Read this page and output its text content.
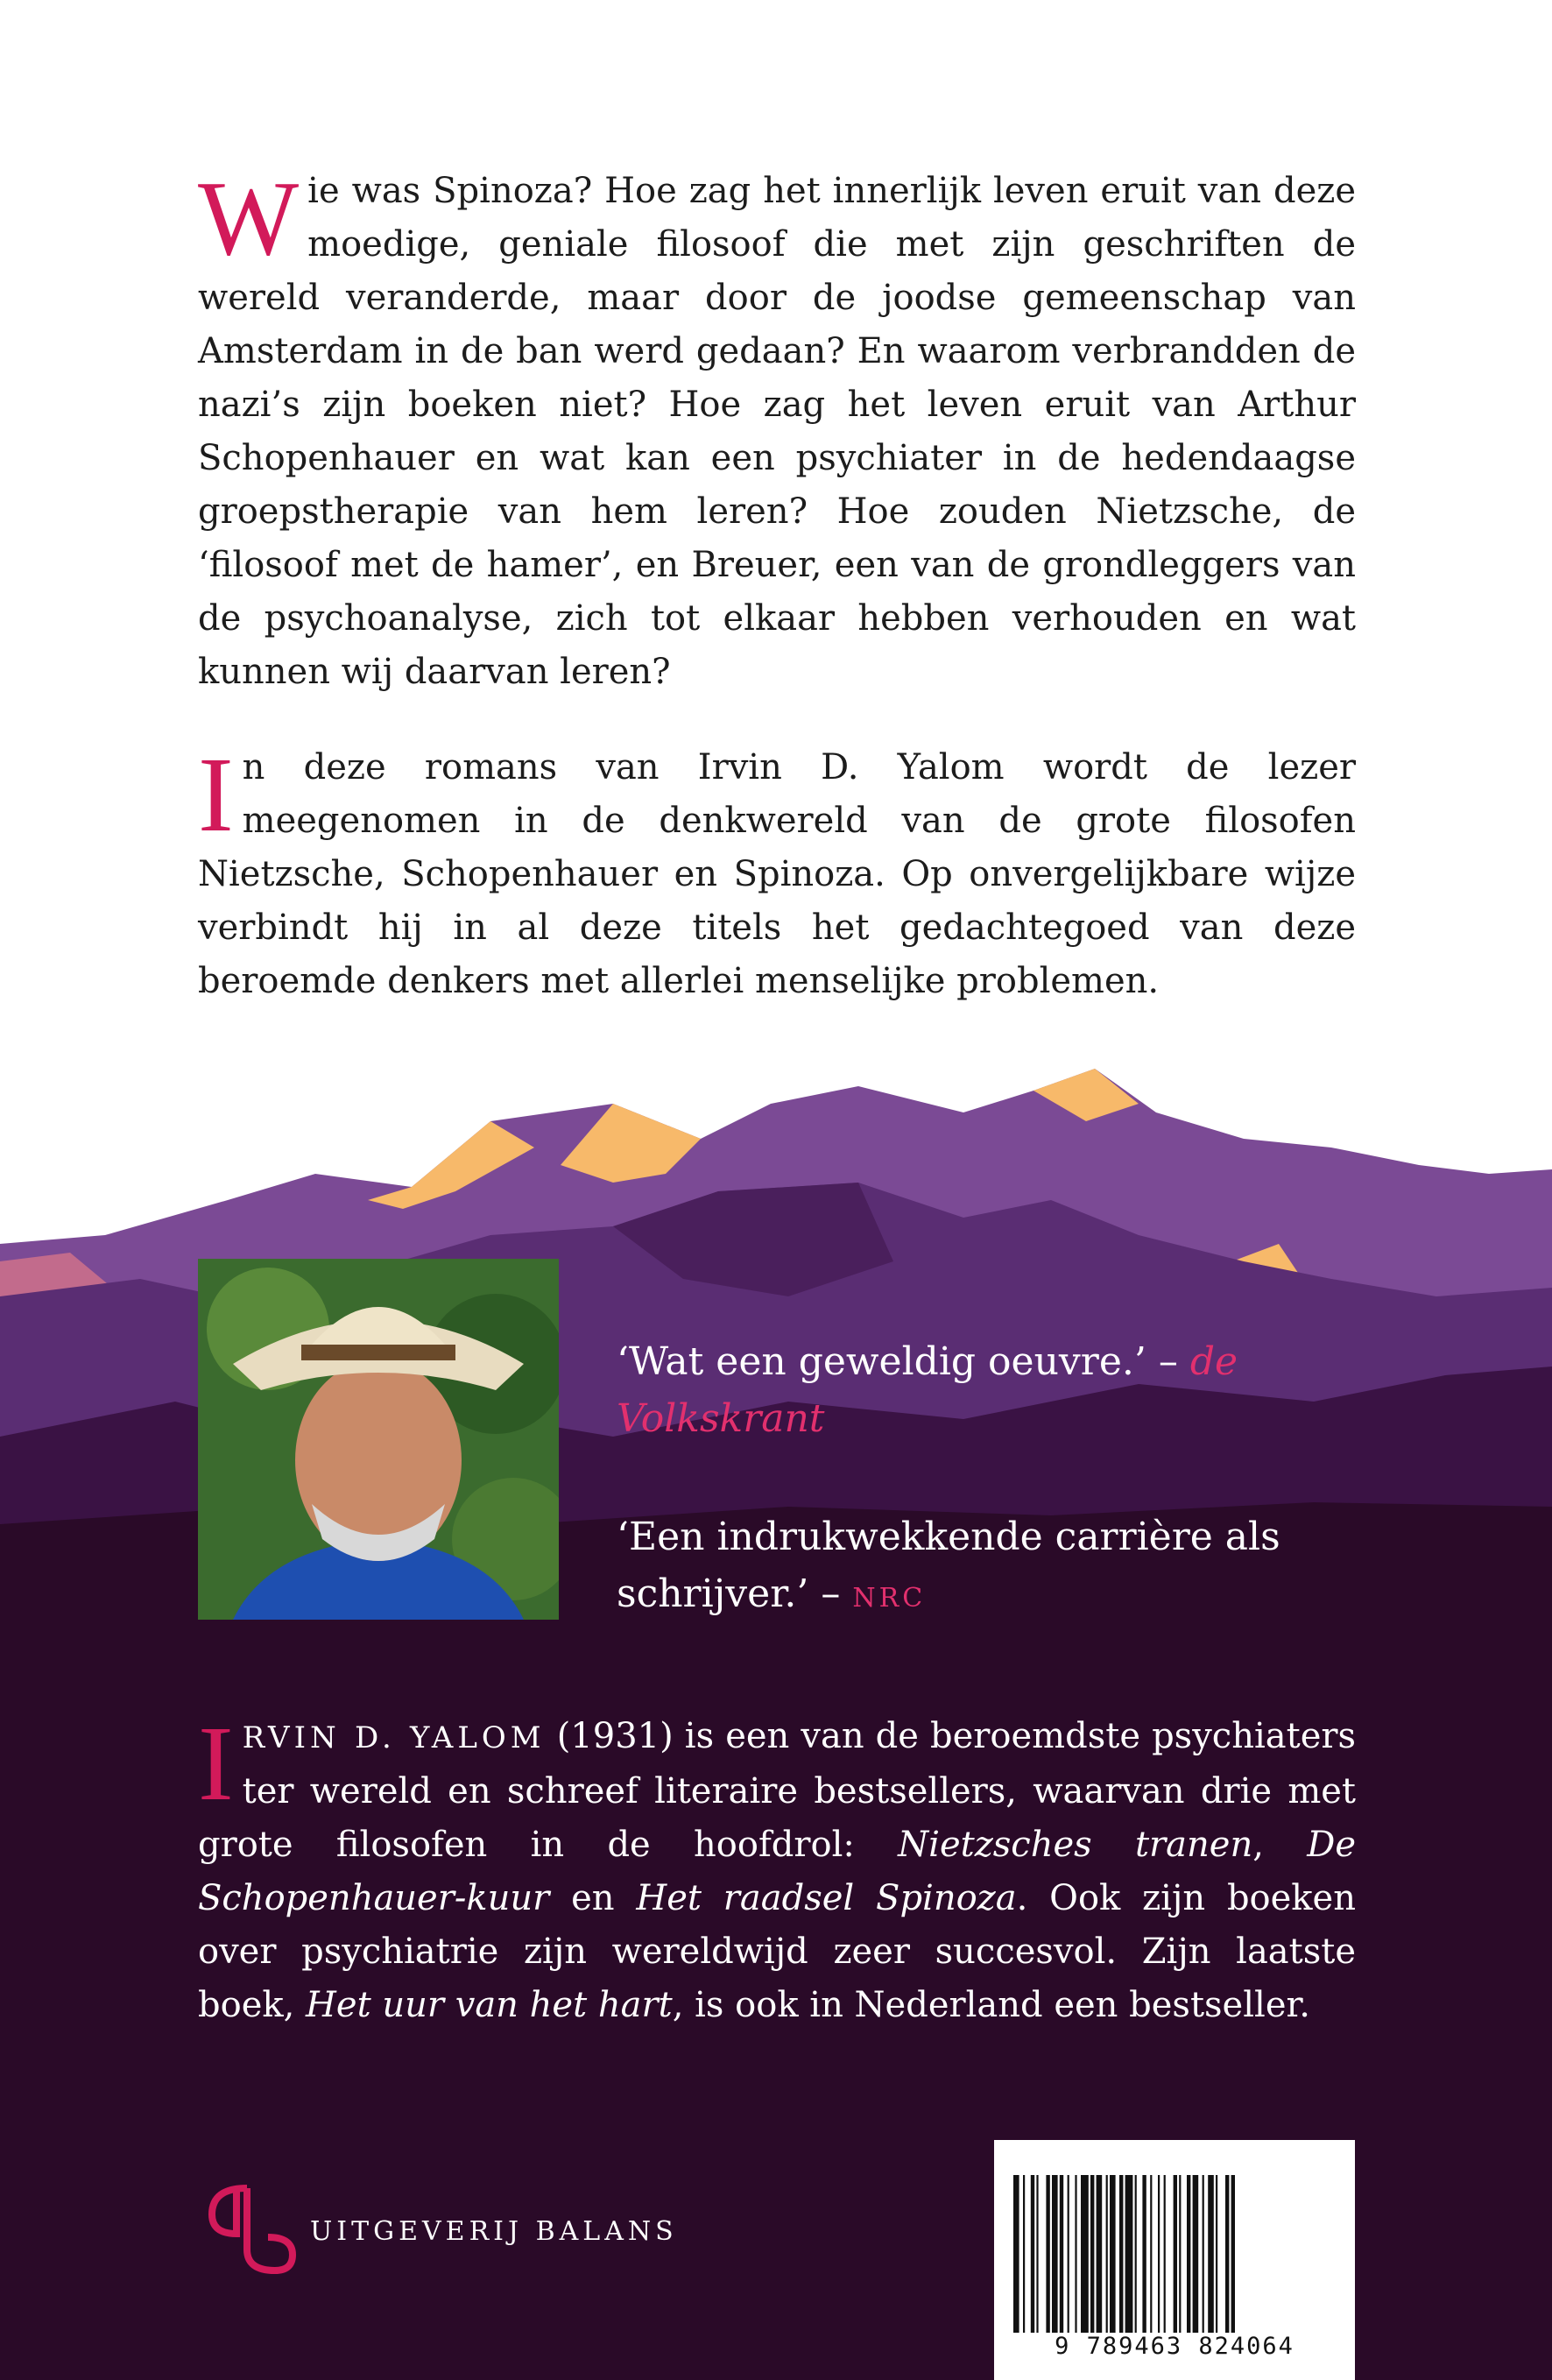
Wie was Spinoza? Hoe zag het innerlijk leven eruit van deze moedige, geniale filosoof die met zijn geschriften de wereld veranderde, maar door de joodse gemeenschap van Amsterdam in de ban werd gedaan? En waarom verbrandden de nazi’s zijn boeken niet? Hoe zag het leven eruit van Arthur Schopenhauer en wat kan een psychiater in de hedendaagse groepstherapie van hem leren? Hoe zouden Nietzsche, de ‘filosoof met de hamer’, en Breuer, een van de grondleggers van de psychoanalyse, zich tot elkaar hebben verhouden en wat kunnen wij daarvan leren?

In deze romans van Irvin D. Yalom wordt de lezer meegenomen in de denkwereld van de grote filosofen Nietzsche, Schopenhauer en Spinoza. Op onvergelijkbare wijze verbindt hij in al deze titels het gedachtegoed van deze beroemde denkers met allerlei menselijke problemen.

‘Wat een geweldig oeuvre.’ – de Volkskrant

‘Een indrukwekkende carrière als schrijver.’ – NRC

IRVIN D. YALOM (1931) is een van de beroemdste psychiaters ter wereld en schreef literaire bestsellers, waarvan drie met grote filosofen in de hoofdrol: Nietzsches tranen, De Schopenhauer-kuur en Het raadsel Spinoza. Ook zijn boeken over psychiatrie zijn wereldwijd zeer succesvol. Zijn laatste boek, Het uur van het hart, is ook in Nederland een bestseller.
UITGEVERIJ BALANS
9 789463 824064
